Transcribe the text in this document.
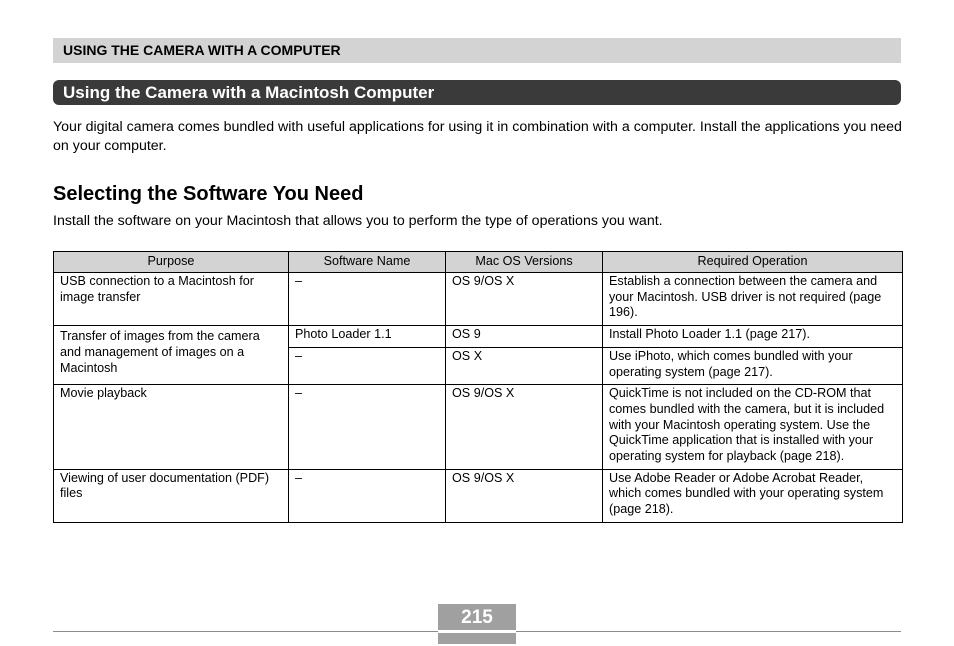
USING THE CAMERA WITH A COMPUTER
Using the Camera with a Macintosh Computer

Your digital camera comes bundled with useful applications for using it in combination with a computer. Install the applications you need on your computer.

Selecting the Software You Need

Install the software on your Macintosh that allows you to perform the type of operations you want.

Purpose	Software Name	Mac OS Versions	Required Operation
USB connection to a Macintosh for image transfer	–	OS 9/OS X	Establish a connection between the camera and your Macintosh. USB driver is not required (page 196).
Transfer of images from the camera and management of images on a Macintosh	Photo Loader 1.1	OS 9	Install Photo Loader 1.1 (page 217).
	–	OS X	Use iPhoto, which comes bundled with your operating system (page 217).
Movie playback	–	OS 9/OS X	QuickTime is not included on the CD-ROM that comes bundled with the camera, but it is included with your Macintosh operating system. Use the QuickTime application that is installed with your operating system for playback (page 218).
Viewing of user documentation (PDF) files	–	OS 9/OS X	Use Adobe Reader or Adobe Acrobat Reader, which comes bundled with your operating system (page 218).
215
